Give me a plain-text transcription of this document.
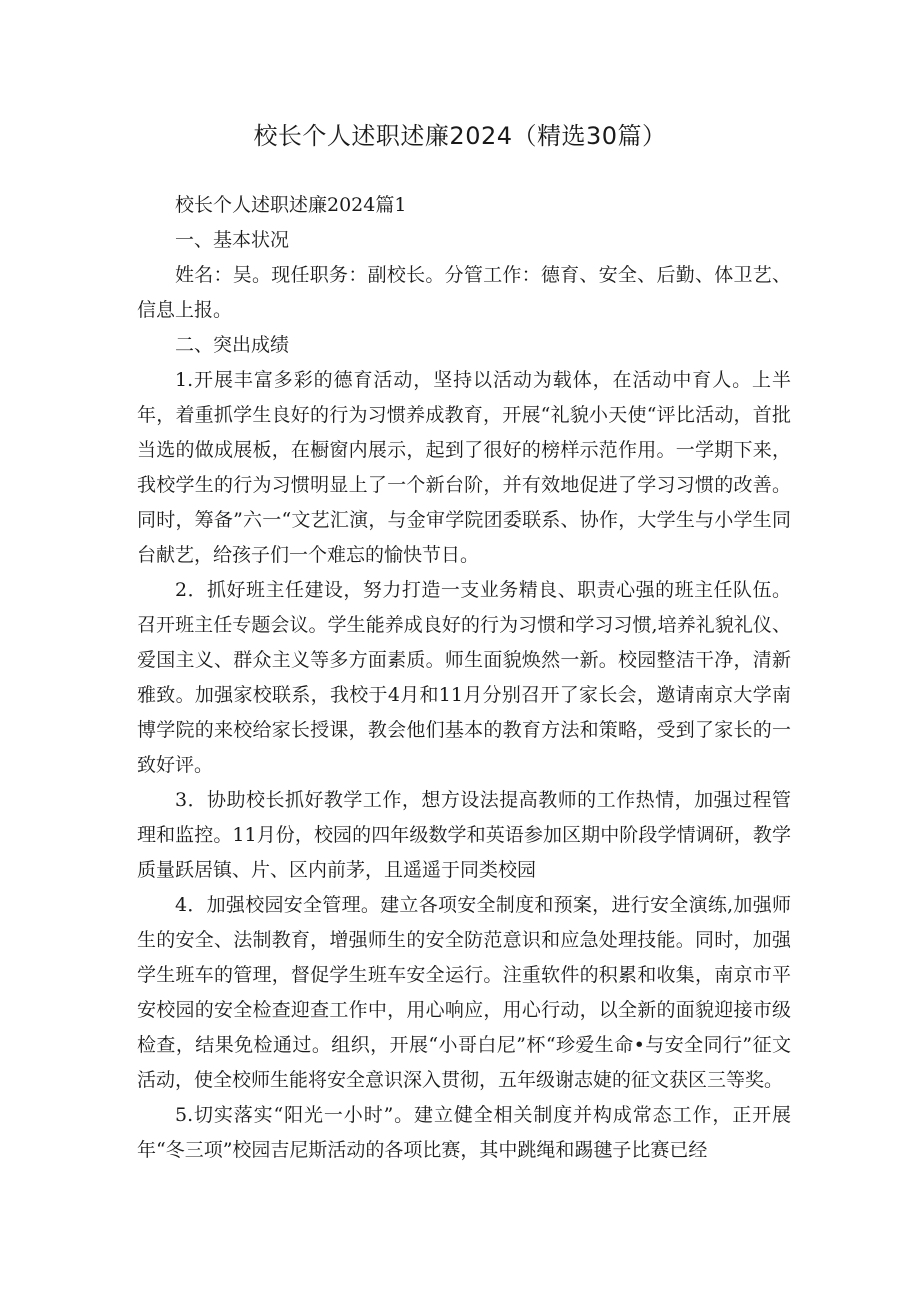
校长个人述职述廉2024（精选30篇）

校长个人述职述廉2024篇1

一、基本状况

姓名：吴。现任职务：副校长。分管工作：德育、安全、后勤、体卫艺、信息上报。

二、突出成绩

1.开展丰富多彩的德育活动，坚持以活动为载体，在活动中育人。上半年，着重抓学生良好的行为习惯养成教育，开展“礼貌小天使“评比活动，首批当选的做成展板，在橱窗内展示，起到了很好的榜样示范作用。一学期下来，我校学生的行为习惯明显上了一个新台阶，并有效地促进了学习习惯的改善。同时，筹备”六一“文艺汇演，与金审学院团委联系、协作，大学生与小学生同台献艺，给孩子们一个难忘的愉快节日。

2．抓好班主任建设，努力打造一支业务精良、职责心强的班主任队伍。召开班主任专题会议。学生能养成良好的行为习惯和学习习惯,培养礼貌礼仪、爱国主义、群众主义等多方面素质。师生面貌焕然一新。校园整洁干净，清新雅致。加强家校联系，我校于4月和11月分别召开了家长会，邀请南京大学南博学院的来校给家长授课，教会他们基本的教育方法和策略，受到了家长的一致好评。

3．协助校长抓好教学工作，想方设法提高教师的工作热情，加强过程管理和监控。11月份，校园的四年级数学和英语参加区期中阶段学情调研，教学质量跃居镇、片、区内前茅，且遥遥于同类校园

4．加强校园安全管理。建立各项安全制度和预案，进行安全演练,加强师生的安全、法制教育，增强师生的安全防范意识和应急处理技能。同时，加强学生班车的管理，督促学生班车安全运行。注重软件的积累和收集，南京市平安校园的安全检查迎查工作中，用心响应，用心行动，以全新的面貌迎接市级检查，结果免检通过。组织，开展“小哥白尼”杯“珍爱生命•与安全同行”征文活动，使全校师生能将安全意识深入贯彻，五年级谢志婕的征文获区三等奖。

5.切实落实“阳光一小时”。建立健全相关制度并构成常态工作，正开展年“冬三项”校园吉尼斯活动的各项比赛，其中跳绳和踢毽子比赛已经
